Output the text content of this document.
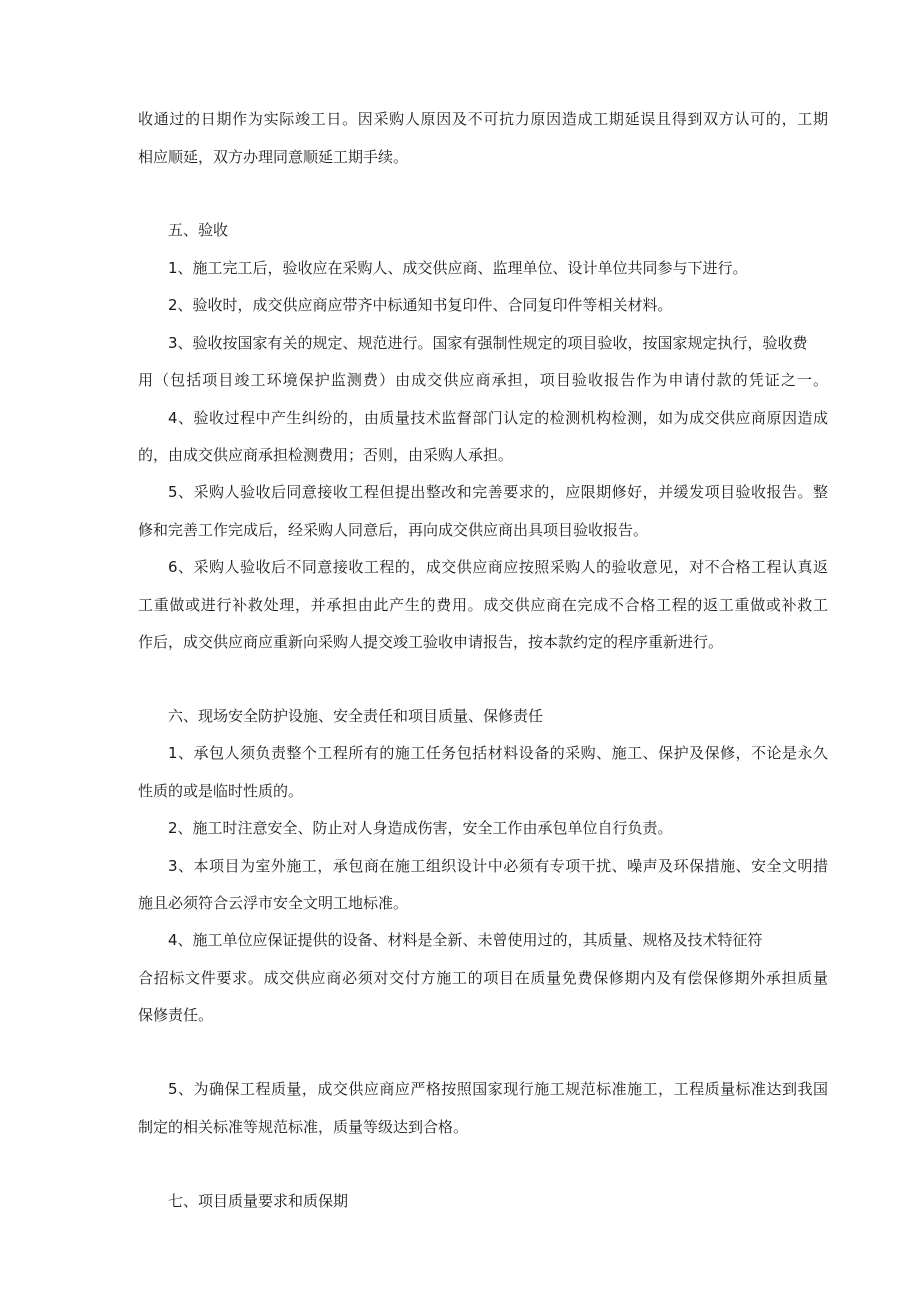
收通过的日期作为实际竣工日。因采购人原因及不可抗力原因造成工期延误且得到双方认可的，工期
相应顺延，双方办理同意顺延工期手续。
五、验收
1、施工完工后，验收应在采购人、成交供应商、监理单位、设计单位共同参与下进行。
2、验收时，成交供应商应带齐中标通知书复印件、合同复印件等相关材料。
3、验收按国家有关的规定、规范进行。国家有强制性规定的项目验收，按国家规定执行，验收费
用（包括项目竣工环境保护监测费）由成交供应商承担，项目验收报告作为申请付款的凭证之一。
4、验收过程中产生纠纷的，由质量技术监督部门认定的检测机构检测，如为成交供应商原因造成
的，由成交供应商承担检测费用；否则，由采购人承担。
5、采购人验收后同意接收工程但提出整改和完善要求的，应限期修好，并缓发项目验收报告。整
修和完善工作完成后，经采购人同意后，再向成交供应商出具项目验收报告。
6、采购人验收后不同意接收工程的，成交供应商应按照采购人的验收意见，对不合格工程认真返
工重做或进行补救处理，并承担由此产生的费用。成交供应商在完成不合格工程的返工重做或补救工
作后，成交供应商应重新向采购人提交竣工验收申请报告，按本款约定的程序重新进行。
六、现场安全防护设施、安全责任和项目质量、保修责任
1、承包人须负责整个工程所有的施工任务包括材料设备的采购、施工、保护及保修，不论是永久
性质的或是临时性质的。
2、施工时注意安全、防止对人身造成伤害，安全工作由承包单位自行负责。
3、本项目为室外施工，承包商在施工组织设计中必须有专项干扰、噪声及环保措施、安全文明措
施且必须符合云浮市安全文明工地标准。
4、施工单位应保证提供的设备、材料是全新、未曾使用过的，其质量、规格及技术特征符
合招标文件要求。成交供应商必须对交付方施工的项目在质量免费保修期内及有偿保修期外承担质量
保修责任。
5、为确保工程质量，成交供应商应严格按照国家现行施工规范标准施工，工程质量标准达到我国
制定的相关标准等规范标准，质量等级达到合格。
七、项目质量要求和质保期
